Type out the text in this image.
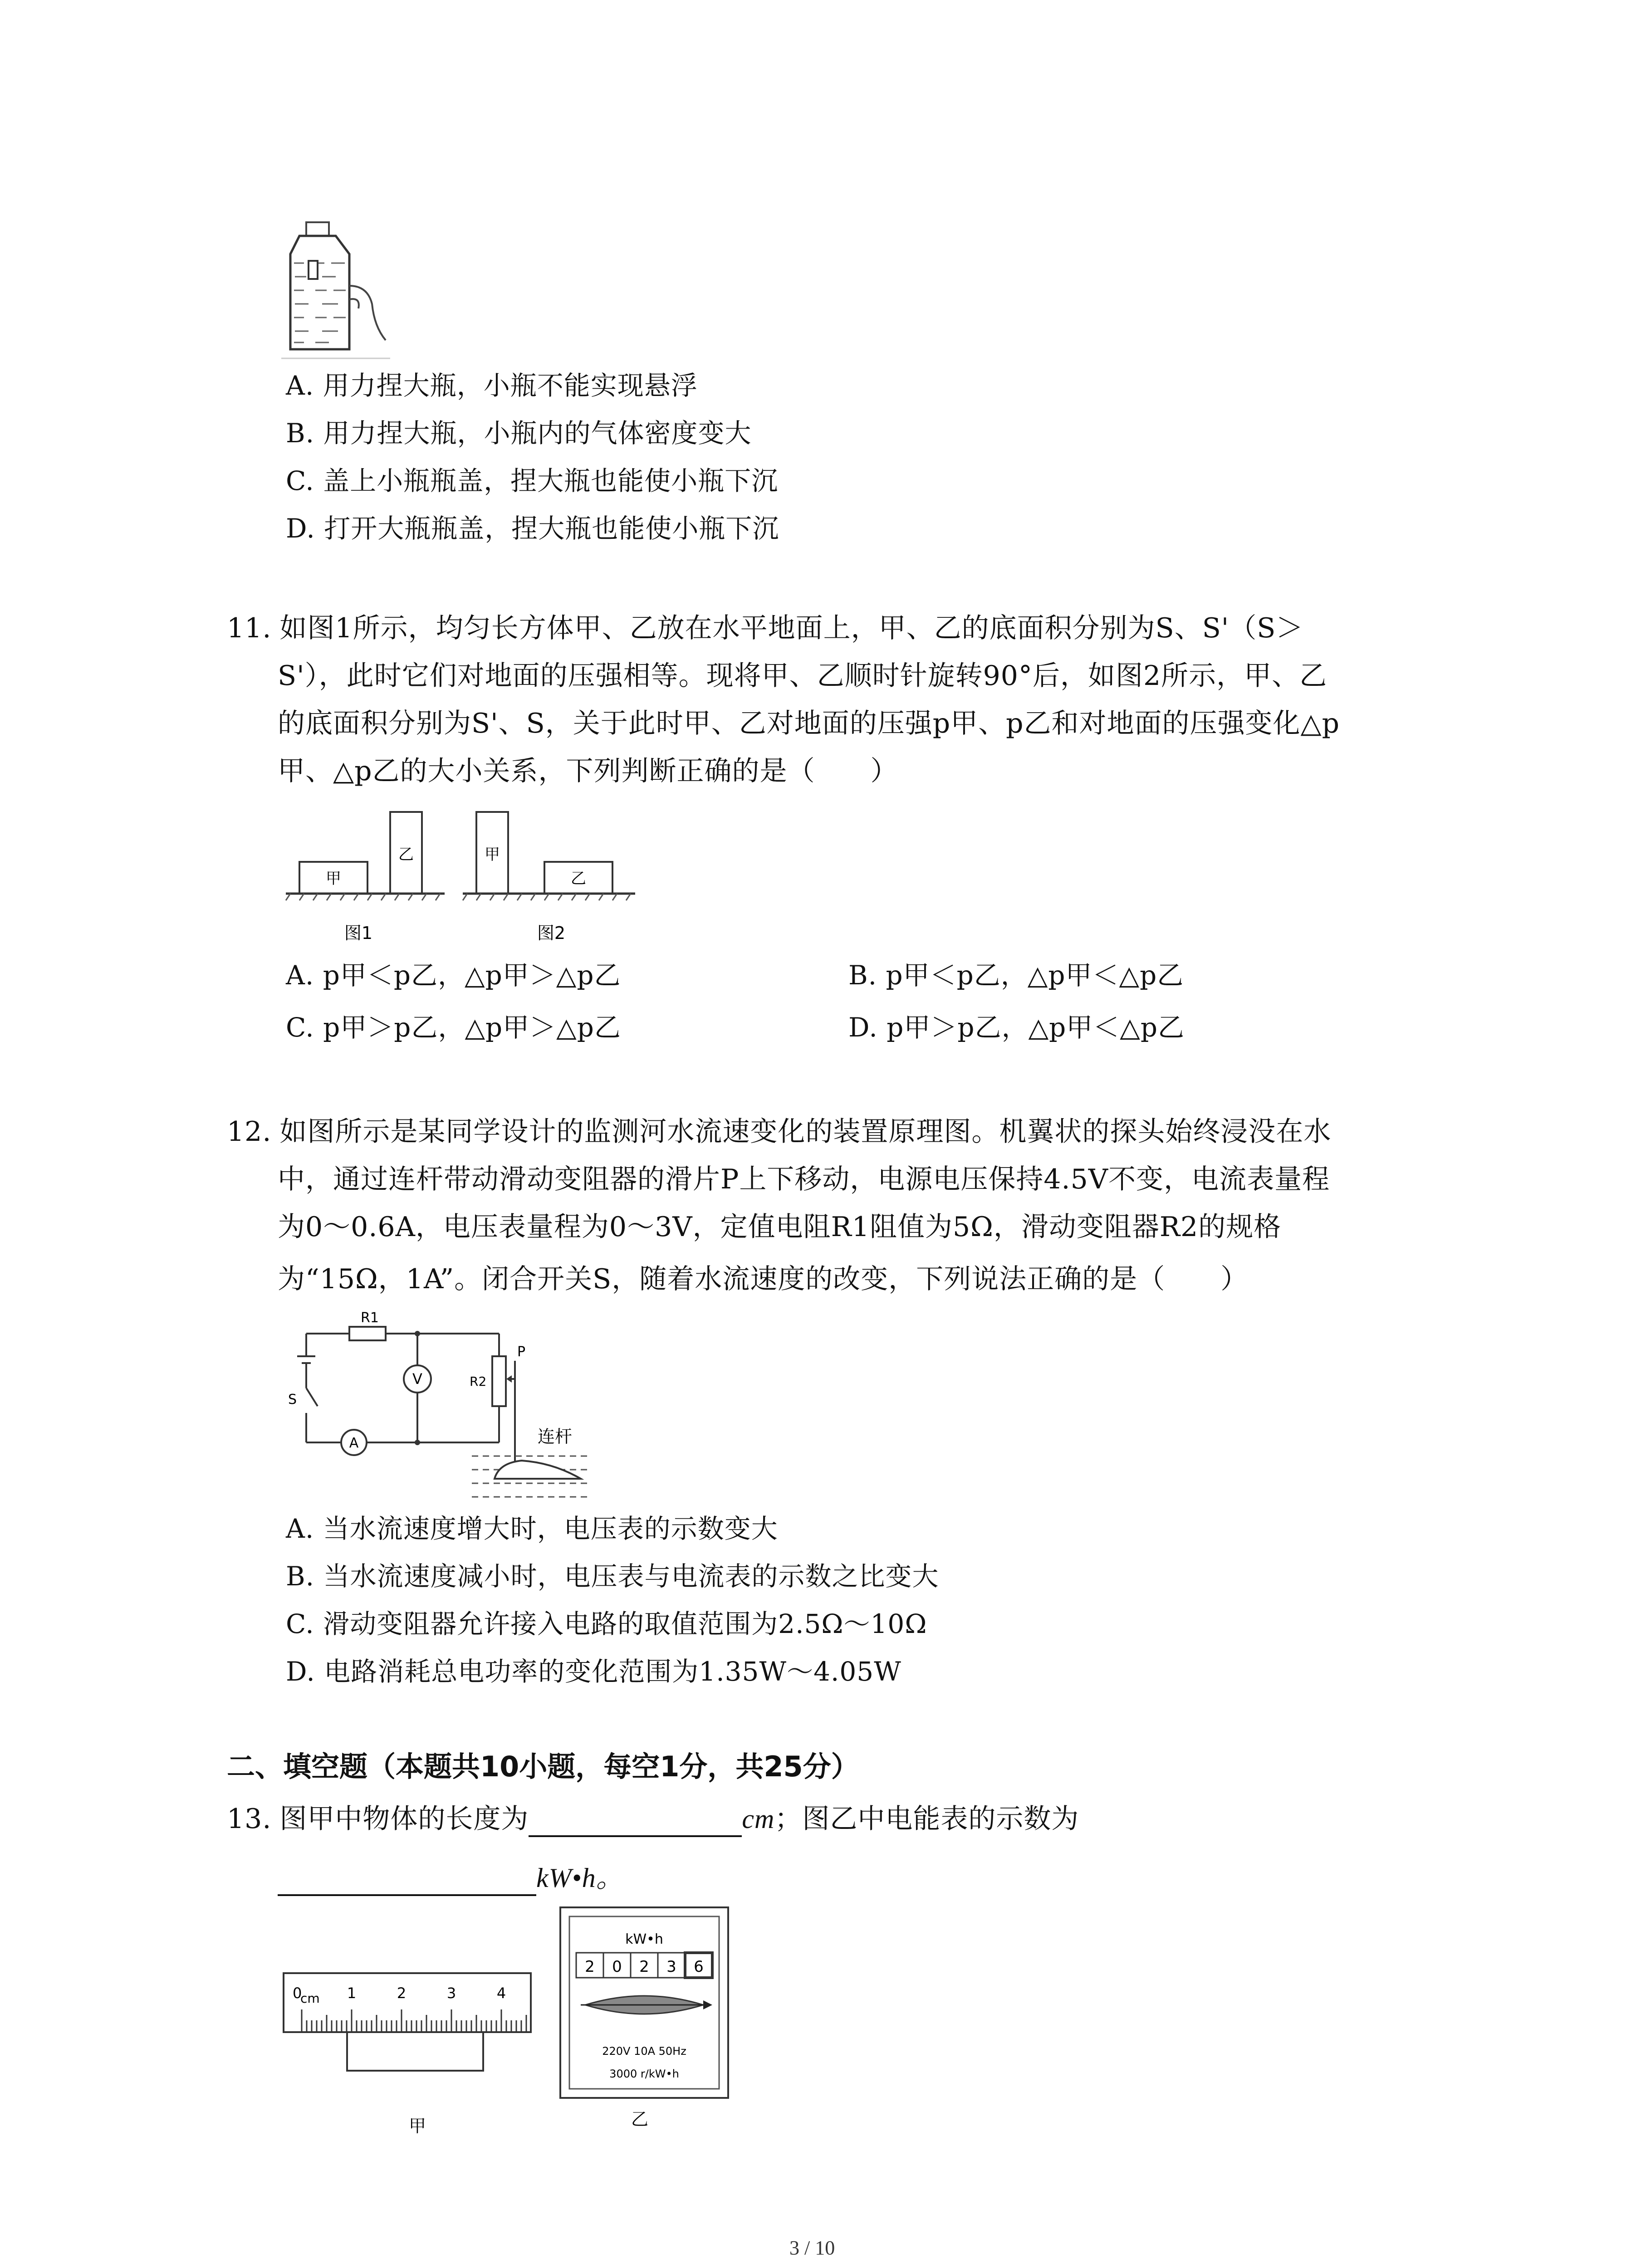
A. 用力捏大瓶，小瓶不能实现悬浮
B. 用力捏大瓶，小瓶内的气体密度变大
C. 盖上小瓶瓶盖，捏大瓶也能使小瓶下沉
D. 打开大瓶瓶盖，捏大瓶也能使小瓶下沉
11. 如图1所示，均匀长方体甲、乙放在水平地面上，甲、乙的底面积分别为S、S'（S＞
S'），此时它们对地面的压强相等。现将甲、乙顺时针旋转90°后，如图2所示，甲、乙
的底面积分别为S'、S，关于此时甲、乙对地面的压强p甲、p乙和对地面的压强变化△p
甲、△p乙的大小关系，下列判断正确的是（　　）
甲
乙
图1
甲
乙
图2
A. p甲＜p乙，△p甲＞△p乙	B. p甲＜p乙，△p甲＜△p乙
C. p甲＞p乙，△p甲＞△p乙	D. p甲＞p乙，△p甲＜△p乙
12. 如图所示是某同学设计的监测河水流速变化的装置原理图。机翼状的探头始终浸没在水
中，通过连杆带动滑动变阻器的滑片P上下移动，电源电压保持4.5V不变，电流表量程
为0～0.6A，电压表量程为0～3V，定值电阻R1阻值为5Ω，滑动变阻器R2的规格
为“15Ω，1A”。闭合开关S，随着水流速度的改变，下列说法正确的是（　　）
R1
P
R2
S
V
A	连杆
A. 当水流速度增大时，电压表的示数变大
B. 当水流速度减小时，电压表与电流表的示数之比变大
C. 滑动变阻器允许接入电路的取值范围为2.5Ω～10Ω
D. 电路消耗总电功率的变化范围为1.35W～4.05W
二、填空题（本题共10小题，每空1分，共25分）
13. 图甲中物体的长度为	cm；图乙中电能表的示数为
kW•h。
0
cm 1	2	3	4
甲
kW•h
2 0 2 3 6
220V 10A 50Hz
3000 r/kW•h
乙
3 / 10
